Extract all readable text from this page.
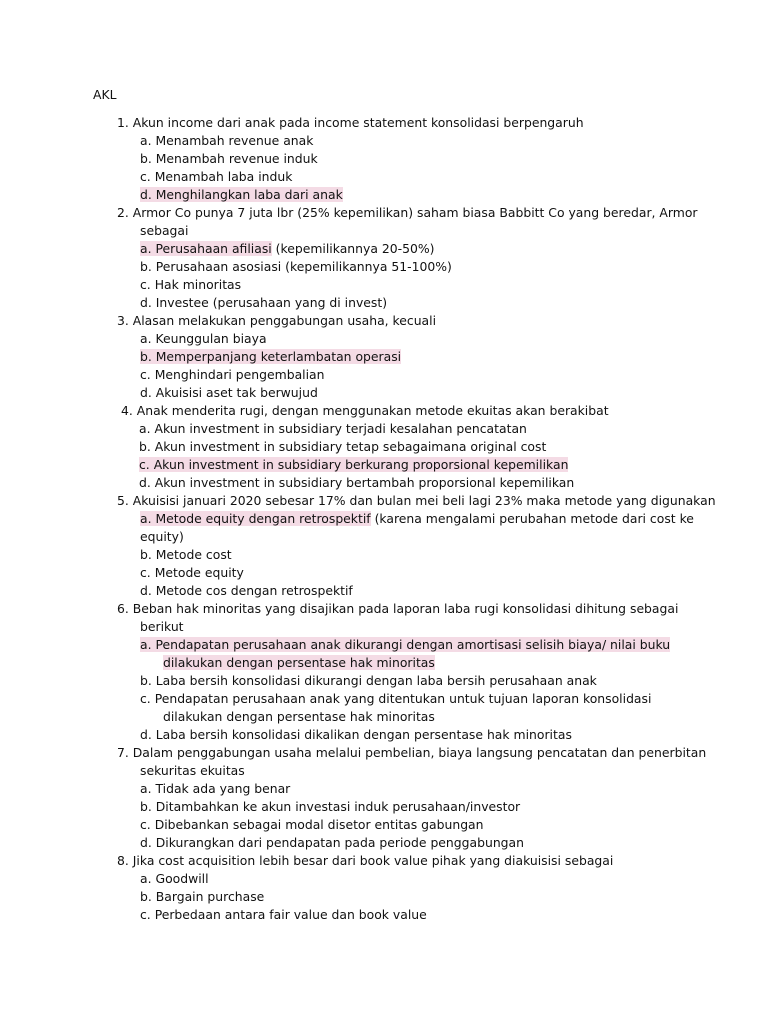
AKL
1. Akun income dari anak pada income statement konsolidasi berpengaruh
a. Menambah revenue anak
b. Menambah revenue induk
c. Menambah laba induk
d. Menghilangkan laba dari anak
2. Armor Co punya 7 juta lbr (25% kepemilikan) saham biasa Babbitt Co yang beredar, Armor
sebagai
a. Perusahaan afiliasi (kepemilikannya 20-50%)
b. Perusahaan asosiasi (kepemilikannya 51-100%)
c. Hak minoritas
d. Investee (perusahaan yang di invest)
3. Alasan melakukan penggabungan usaha, kecuali
a. Keunggulan biaya
b. Memperpanjang keterlambatan operasi
c. Menghindari pengembalian
d. Akuisisi aset tak berwujud
4. Anak menderita rugi, dengan menggunakan metode ekuitas akan berakibat
a. Akun investment in subsidiary terjadi kesalahan pencatatan
b. Akun investment in subsidiary tetap sebagaimana original cost
c. Akun investment in subsidiary berkurang proporsional kepemilikan
d. Akun investment in subsidiary bertambah proporsional kepemilikan
5. Akuisisi januari 2020 sebesar 17% dan bulan mei beli lagi 23% maka metode yang digunakan
a. Metode equity dengan retrospektif (karena mengalami perubahan metode dari cost ke
equity)
b. Metode cost
c. Metode equity
d. Metode cos dengan retrospektif
6. Beban hak minoritas yang disajikan pada laporan laba rugi konsolidasi dihitung sebagai
berikut
a. Pendapatan perusahaan anak dikurangi dengan amortisasi selisih biaya/ nilai buku
dilakukan dengan persentase hak minoritas
b. Laba bersih konsolidasi dikurangi dengan laba bersih perusahaan anak
c. Pendapatan perusahaan anak yang ditentukan untuk tujuan laporan konsolidasi
dilakukan dengan persentase hak minoritas
d. Laba bersih konsolidasi dikalikan dengan persentase hak minoritas
7. Dalam penggabungan usaha melalui pembelian, biaya langsung pencatatan dan penerbitan
sekuritas ekuitas
a. Tidak ada yang benar
b. Ditambahkan ke akun investasi induk perusahaan/investor
c. Dibebankan sebagai modal disetor entitas gabungan
d. Dikurangkan dari pendapatan pada periode penggabungan
8. Jika cost acquisition lebih besar dari book value pihak yang diakuisisi sebagai
a. Goodwill
b. Bargain purchase
c. Perbedaan antara fair value dan book value
